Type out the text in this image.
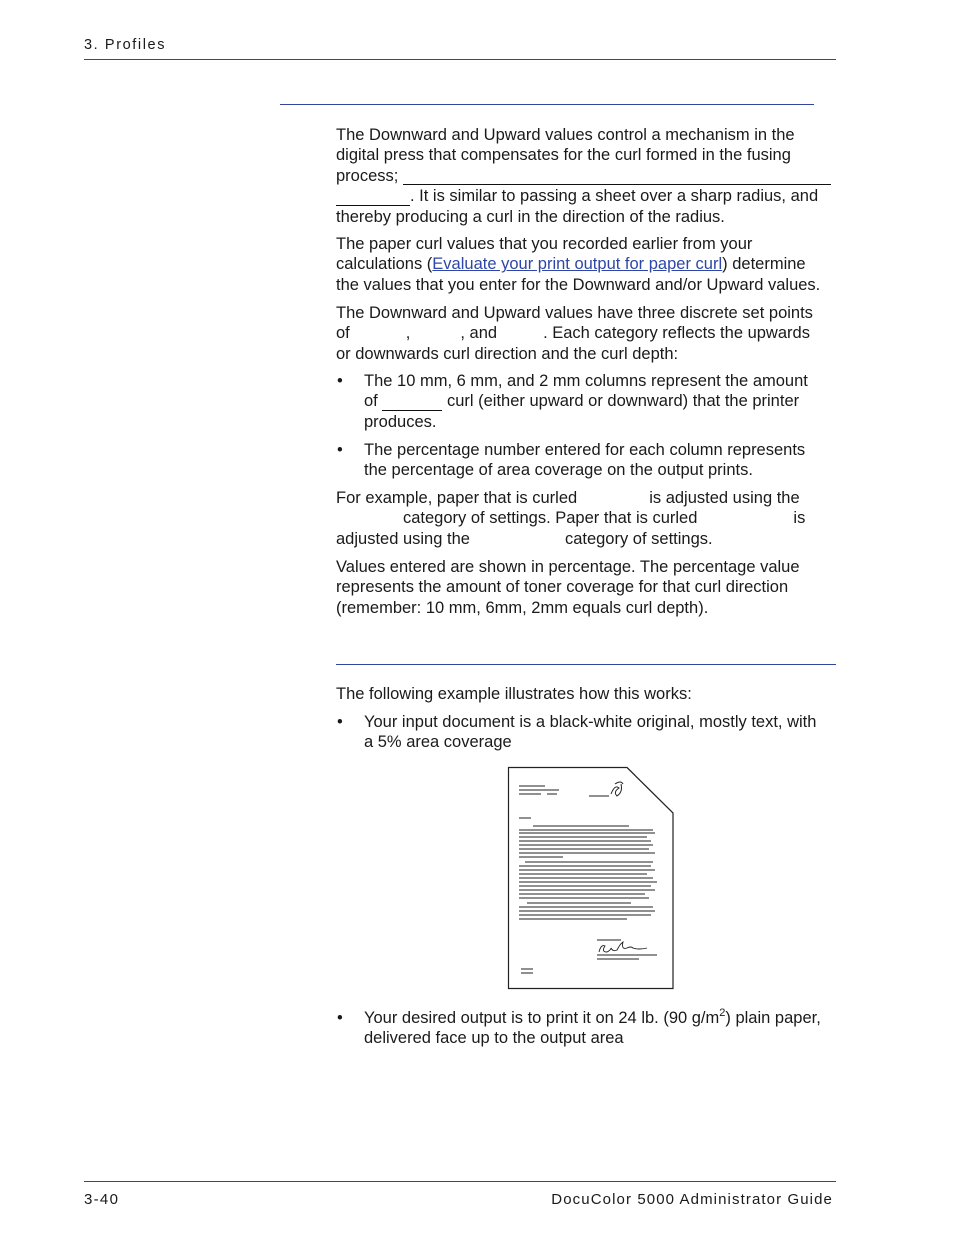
3. Profiles

The Downward and Upward values control a mechanism in the

digital press that compensates for the curl formed in the fusing

process;

. It is similar to passing a sheet over a sharp radius, and

thereby producing a curl in the direction of the radius.

The paper curl values that you recorded earlier from your

calculations (Evaluate your print output for paper curl) determine

the values that you enter for the Downward and/or Upward values.

The Downward and Upward values have three discrete set points

of	,	, and	. Each category reflects the upwards

or downwards curl direction and the curl depth:

• The 10 mm, 6 mm, and 2 mm columns represent the amount

of	curl (either upward or downward) that the printer

produces.

• The percentage number entered for each column represents

the percentage of area coverage on the output prints.

For example, paper that is curled	is adjusted using the

category of settings. Paper that is curled	is

adjusted using the	category of settings.

Values entered are shown in percentage. The percentage value

represents the amount of toner coverage for that curl direction

(remember: 10 mm, 6mm, 2mm equals curl depth).

The following example illustrates how this works:

• Your input document is a black-white original, mostly text, with

a 5% area coverage

• Your desired output is to print it on 24 lb. (90 $g/m^2$) plain paper,

delivered face up to the output area

3-40	DocuColor 5000 Administrator Guide
